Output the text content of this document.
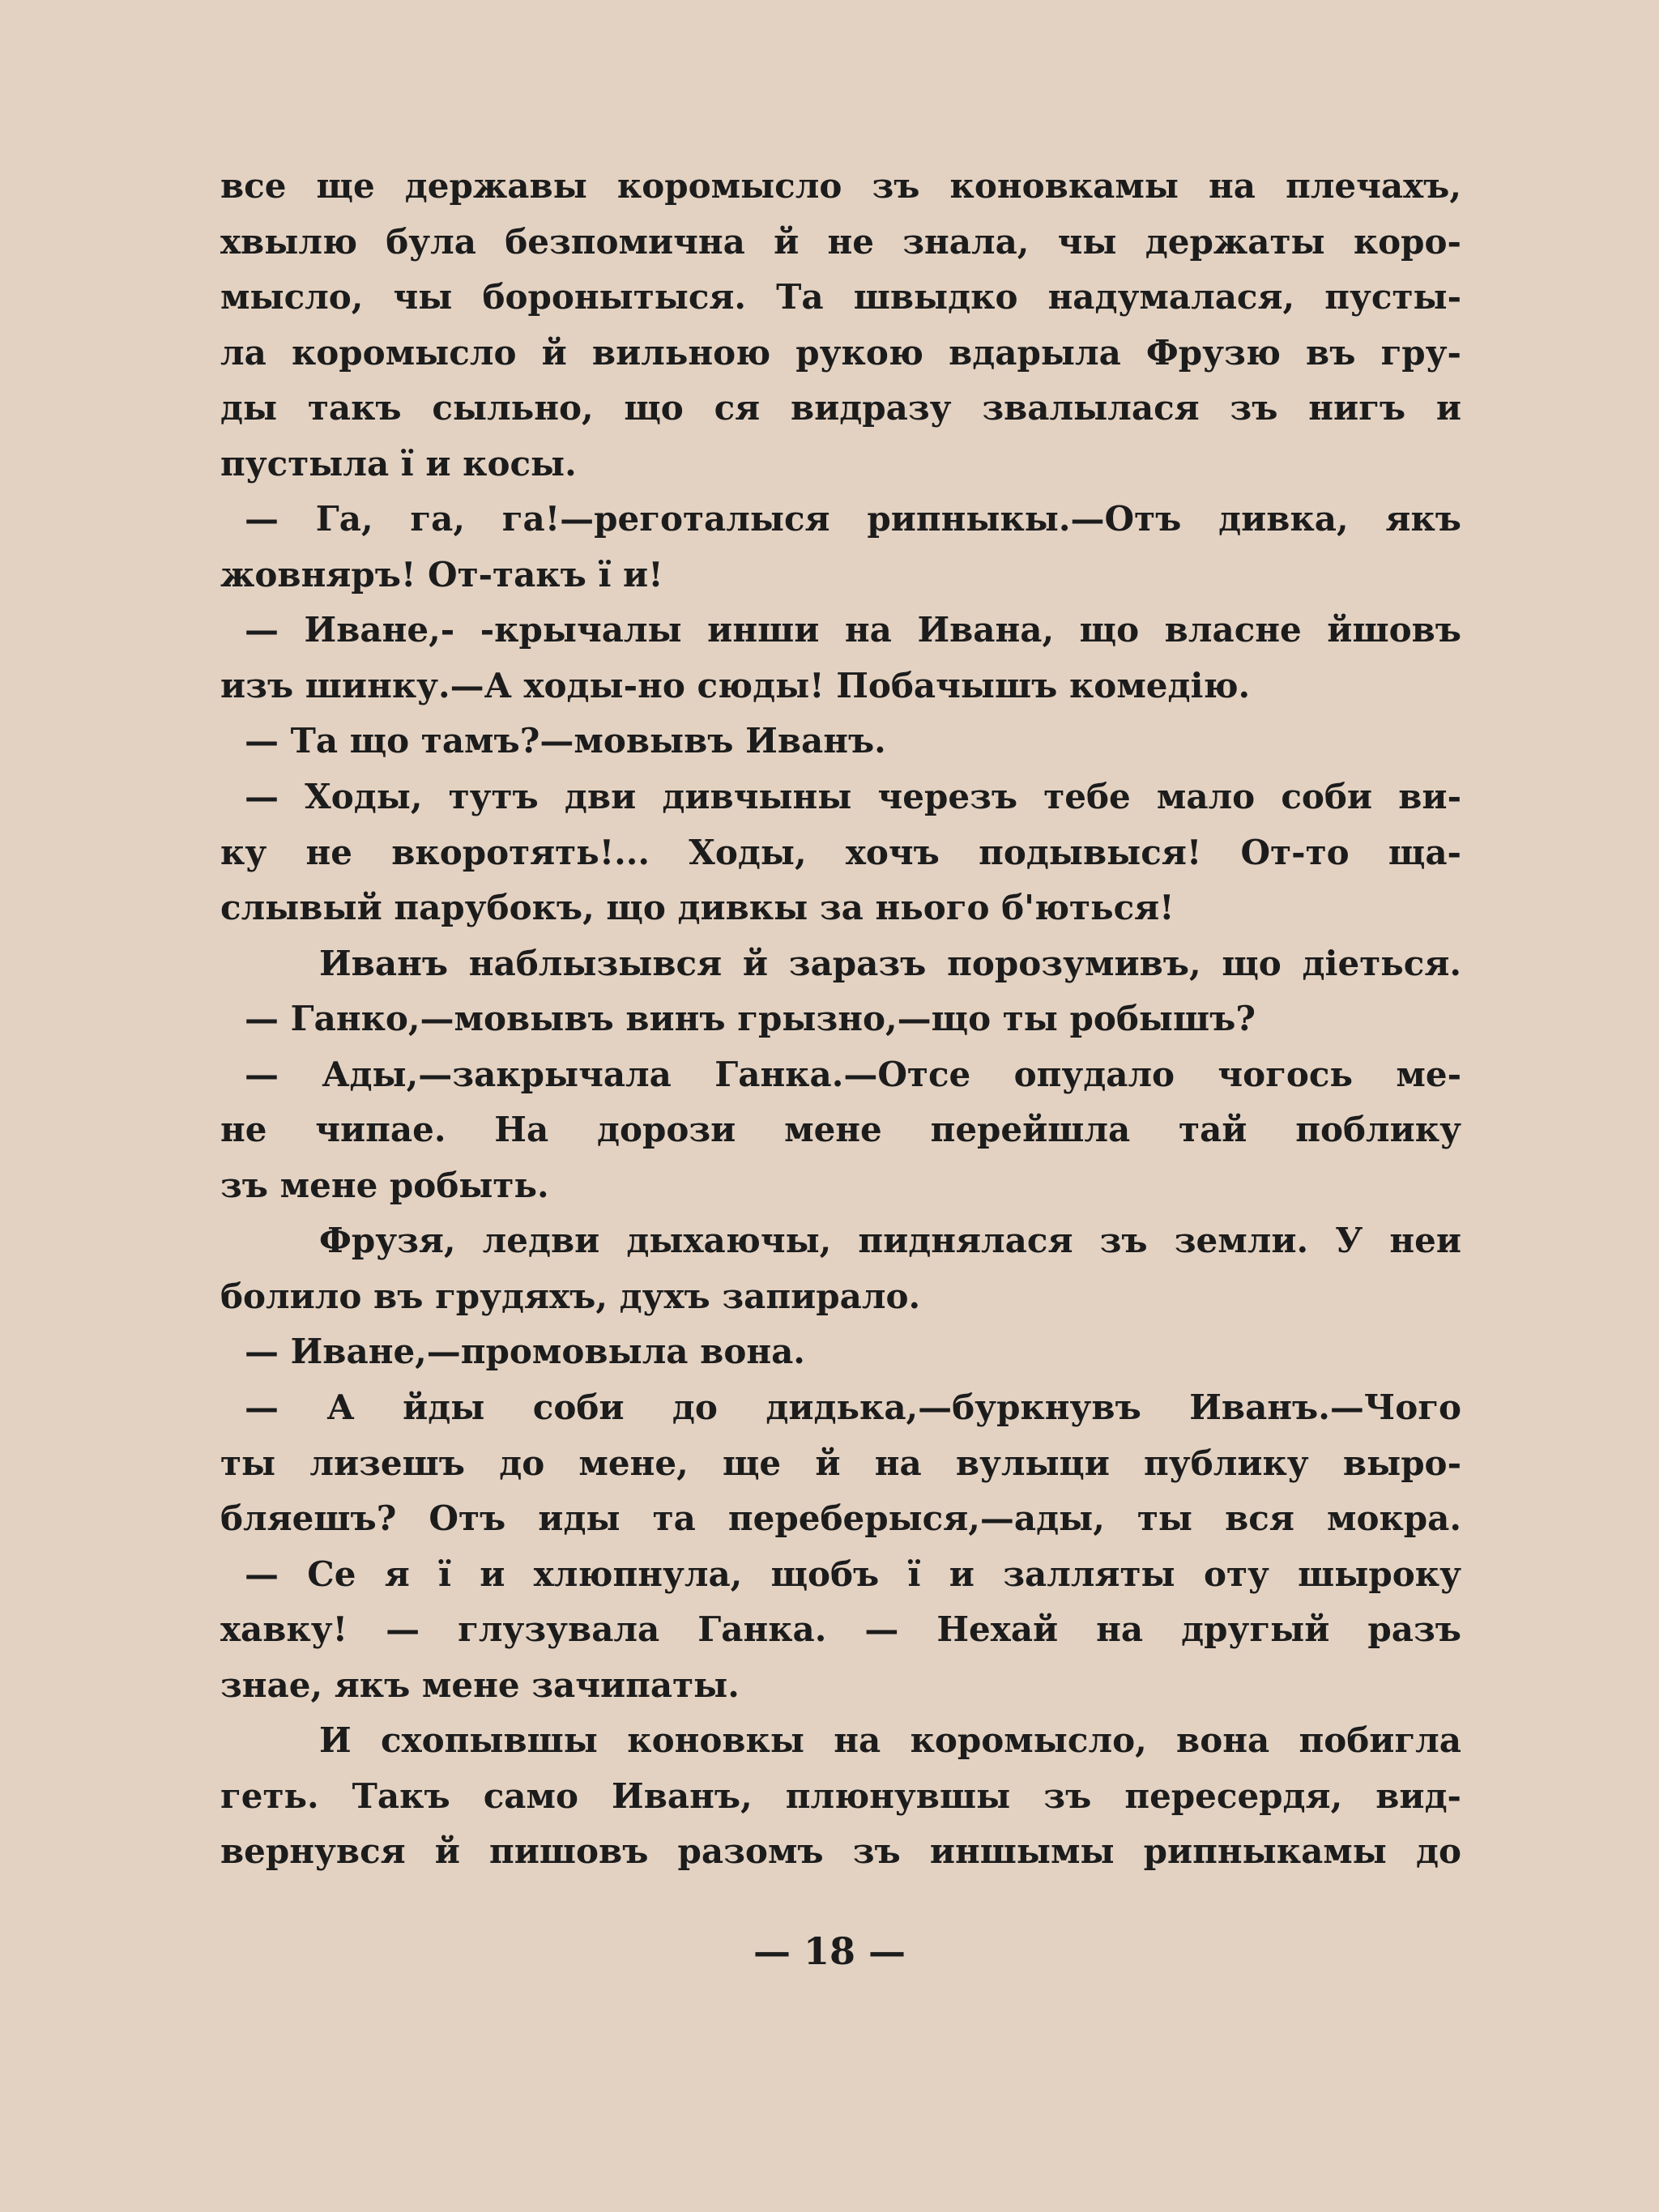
все ще державы коромысло зъ коновкамы на плечахъ,
хвылю була безпомична й не знала, чы держаты коро-
мысло, чы боронытыся. Та швыдко надумалася, пусты-
ла коромысло й вильною рукою вдарыла Фрузю въ гру-
ды такъ сыльно, що ся видразу звалылася зъ нигъ и
пустыла ї и косы.
— Га, га, га!—реготалыся рипныкы.—Отъ дивка, якъ
жовняръ! От-такъ ї и!
— Иване,- -крычалы инши на Ивана, що власне йшовъ
изъ шинку.—А ходы-но сюды! Побачышъ комедію.
— Та що тамъ?—мовывъ Иванъ.
— Ходы, тутъ дви дивчыны черезъ тебе мало соби ви-
ку не вкоротять!... Ходы, хочъ подывыся! От-то ща-
слывый парубокъ, що дивкы за нього б'ються!
Иванъ наблызывся й заразъ порозумивъ, що діеться.
— Ганко,—мовывъ винъ грызно,—що ты робышъ?
— Ады,—закрычала Ганка.—Отсе опудало чогось ме-
не чипае. На дорози мене перейшла тай поблику
зъ мене робыть.
Фрузя, ледви дыхаючы, пиднялася зъ земли. У неи
болило въ грудяхъ, духъ запирало.
— Иване,—промовыла вона.
— А йды соби до дидька,—буркнувъ Иванъ.—Чого
ты лизешъ до мене, ще й на вулыци публику выро-
бляешъ? Отъ иды та переберыся,—ады, ты вся мокра.
— Се я ї и хлюпнула, щобъ ї и залляты оту шыроку
хавку! — глузувала Ганка. — Нехай на другый разъ
знае, якъ мене зачипаты.
И схопывшы коновкы на коромысло, вона побигла
геть. Такъ само Иванъ, плюнувшы зъ пересердя, вид-
вернувся й пишовъ разомъ зъ иншымы рипныкамы до
— 18 —
